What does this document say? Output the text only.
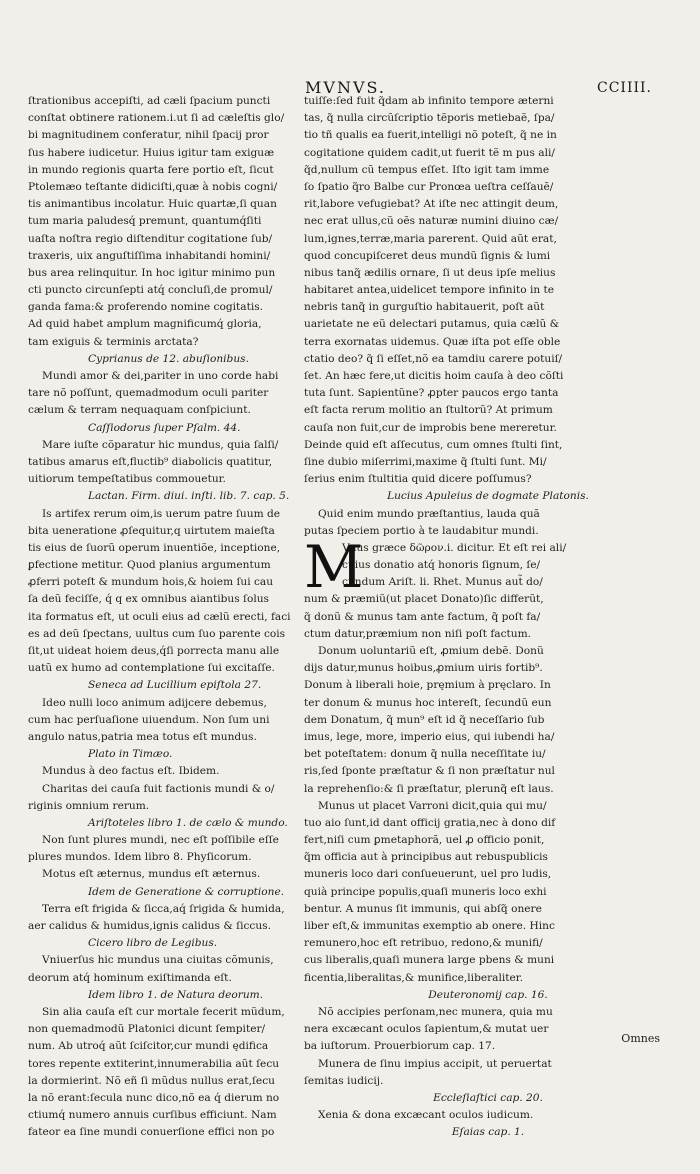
MVNVS.	CCIIII.
ſtrationibus accepiſti, ad cæli ſpacium puncti
conſtat obtinere rationem.i.ut ſi ad cæleſtis glo/
bi magnitudinem conferatur, nihil ſpacij pror
ſus habere iudicetur. Huius igitur tam exiguæ
in mundo regionis quarta fere portio eſt, ſicut
Ptolemæo teſtante didiciſti,quæ à nobis cogni/
tis animantibus incolatur. Huic quartæ,ſi quan
tum maria paludesq́ premunt, quantumq́ſiti
uaſta noſtra regio diſtenditur cogitatione ſub/
traxeris, uix anguſtiſſima inhabitandi homini/
bus area relinquitur. In hoc igitur minimo pun
cti puncto circunſepti atq́ concluſi,de promul/
ganda fama:& proferendo nomine cogitatis.
Ad quid habet amplum magnificumq́ gloria,
tam exiguis & terminis arctata?
Cyprianus de 12. abuſionibus.
Mundi amor & dei,pariter in uno corde habi
tare nõ poſſunt, quemadmodum oculi pariter
cælum & terram nequaquam conſpiciunt.
Caſſiodorus ſuper Pſalm. 44.
Mare iuſte cõparatur hic mundus, quia ſalſi/
tatibus amarus eſt,fluctib⁹ diabolicis quatitur,
uitiorum tempeſtatibus commouetur.
Lactan. Firm. diui. inſti. lib. 7. cap. 5.
Is artifex rerum oim,is uerum patre ſuum de
bita ueneratione ꝓſequitur,q uirtutem maieſta
tis eius de ſuorũ operum inuentiõe, inceptione,
ꝑfectione metitur. Quod planius argumentum
ꝓferri poteſt & mundum hois,& hoiem ſui cau
ſa deũ feciſſe, q́ q ex omnibus aiantibus ſolus
ita formatus eſt, ut oculi eius ad cælũ erecti, faci
es ad deũ ſpectans, uultus cum ſuo parente cois
ſit,ut uideat hoiem deus,q́ſi porrecta manu alle
uatũ ex humo ad contemplatione ſui excitaſſe.
Seneca ad Lucillium epiſtola 27.
Ideo nulli loco animum adijcere debemus,
cum hac perſuaſione uiuendum. Non ſum uni
angulo natus,patria mea totus eſt mundus.
Plato in Timæo.
Mundus à deo factus eſt. Ibidem.
Charitas dei cauſa fuit factionis mundi & o/
riginis omnium rerum.
Ariſtoteles libro 1. de cælo & mundo.
Non ſunt plures mundi, nec eſt poſſibile eſſe
plures mundos. Idem libro 8. Phyſicorum.
Motus eſt æternus, mundus eſt æternus.
Idem de Generatione & corruptione.
Terra eſt frigida & ſicca,aq́ ſrigida & humida,
aer calidus & humidus,ignis calidus & ſiccus.
Cicero libro de Legibus.
Vniuerſus hic mundus una ciuitas cõmunis,
deorum atq́ hominum exiſtimanda eſt.
Idem libro 1. de Natura deorum.
Sin alia cauſa eſt cur mortale fecerit mũdum,
non quemadmodũ Platonici dicunt ſempiter/
num. Ab utroq́ aũt ſciſcitor,cur mundi ędifica
tores repente extiterint,innumerabilia aũt ſecu
la dormierint. Nõ eñ ſi mũdus nullus erat,ſecu
la nõ erant:ſecula nunc dico,nõ ea q́ dierum no
ctiumq́ numero annuis curſibus efficiunt. Nam
fateor ea ſine mundi conuerſione effici non po
tuiſſe:ſed fuit q̃dam ab infinito tempore æterni
tas, q̃ nulla circũſcriptio tẽporis metiebaẽ, ſpa/
tio tñ qualis ea fuerit,intelligi nõ poteſt, q̃ ne in
cogitatione quidem cadit,ut fuerit tẽ m pus ali/
q̃d,nullum cũ tempus eſſet. Iſto igit tam imme
ſo ſpatio q̃ro Balbe cur Pronœa ueſtra ceſſauẽ/
rit,labore vefugiebat? At iſte nec attingit deum,
nec erat ullus,cũ oẽs naturæ numini diuino cæ/
lum,ignes,terræ,maria parerent. Quid aũt erat,
quod concupiſceret deus mundũ ſignis & lumi
nibus tanq̃ ædilis ornare, ſi ut deus ipſe melius
habitaret antea,uidelicet tempore infinito in te
nebris tanq̃ in gurguſtio habitauerit, poſt aũt
uarietate ne eũ delectari putamus, quia cælũ &
terra exornatas uidemus. Quæ iſta pot eſſe oble
ctatio deo? q̃ ſi eſſet,nõ ea tamdiu carere potuiſ/
ſet. An hæc fere,ut dicitis hoim cauſa à deo cõſti
tuta ſunt. Sapientũne? ꝓpter paucos ergo tanta
eſt facta rerum molitio an ſtultorũ? At primum
cauſa non fuit,cur de improbis bene mereretur.
Deinde quid eſt aſſecutus, cum omnes ſtulti ſint,
ſine dubio miſerrimi,maxime q̃ ſtulti ſunt. Mi/
ſerius enim ſtultitia quid dicere poſſumus?
Lucius Apuleius de dogmate Platonis.
Quid enim mundo præſtantius, lauda quã
putas ſpeciem portio à te laudabitur mundi.
M
Vnus græce δῶρον.i. dicitur. Et eſt rei ali/
cuius donatio atq́ honoris ſignum, ſe/
cundum Ariſt. li. Rhet. Munus aut̃ do/
num & præmiũ(ut placet Donato)ſic differũt,
q̃ donũ & munus tam ante factum, q̃ poſt fa/
ctum datur,præmium non niſi poſt factum.
Donum uoluntariũ eſt, ꝓmium debẽ. Donũ
dijs datur,munus hoibus,ꝓmium uiris fortib⁹.
Donum à liberali hoie, pręmium à pręclaro. In
ter donum & munus hoc intereſt, ſecundũ eun
dem Donatum, q̃ mun⁹ eſt id q̃ neceſſario ſub
imus, lege, more, imperio eius, qui iubendi ha/
bet poteſtatem: donum q̃ nulla neceſſitate iu/
ris,ſed ſponte præſtatur & ſi non præſtatur nul
la reprehenſio:& ſi præſtatur, plerunq̃ eſt laus.
Munus ut placet Varroni dicit,quia qui mu/
tuo aio ſunt,id dant officij gratia,nec à dono dif
fert,niſi cum ꝑmetaphorã, uel ꝓ officio ponit,
q̃m officia aut à principibus aut rebuspublicis
muneris loco dari conſueuerunt, uel pro ludis,
quià principe populis,quaſi muneris loco exhi
bentur. A munus ſit immunis, qui abſq̃ onere
liber eſt,& immunitas exemptio ab onere. Hinc
remunero,hoc eſt retribuo, redono,& munifi/
cus liberalis,quaſi munera large pbens & muni
ficentia,liberalitas,& munifice,liberaliter.
Deuteronomij cap. 16.
Nõ accipies perſonam,nec munera, quia mu
nera excæcant oculos ſapientum,& mutat uer
ba iuſtorum. Prouerbiorum cap. 17.
Munera de ſinu impius accipit, ut peruertat
ſemitas iudicij.
Eccleſiaſtici cap. 20.
Xenia & dona excæcant oculos iudicum.
Eſaias cap. 1.
Omnes
